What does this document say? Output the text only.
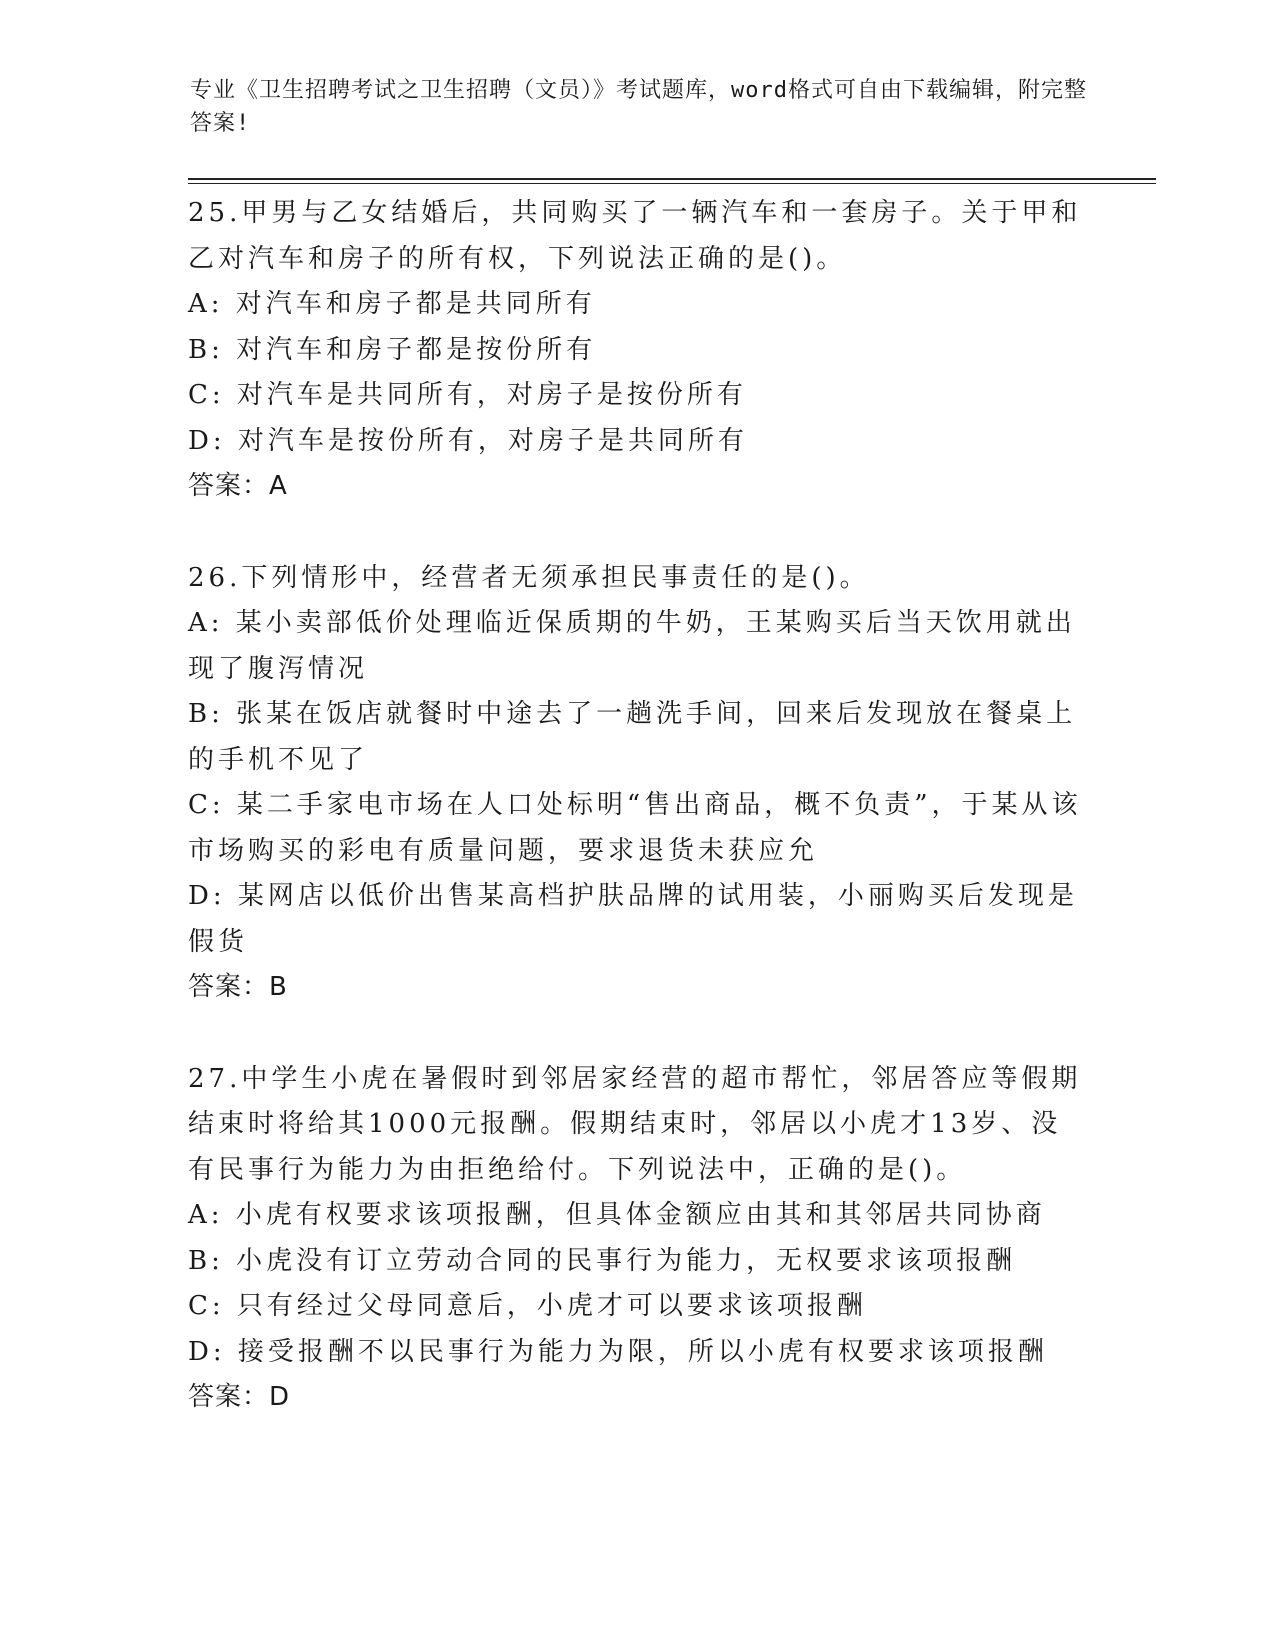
专业《卫生招聘考试之卫生招聘（文员）》考试题库，word格式可自由下载编辑，附完整答案!

25.甲男与乙女结婚后，共同购买了一辆汽车和一套房子。关于甲和乙对汽车和房子的所有权，下列说法正确的是()。

A: 对汽车和房子都是共同所有

B: 对汽车和房子都是按份所有

C: 对汽车是共同所有，对房子是按份所有

D: 对汽车是按份所有，对房子是共同所有

答案：A

26.下列情形中，经营者无须承担民事责任的是()。

A: 某小卖部低价处理临近保质期的牛奶，王某购买后当天饮用就出现了腹泻情况

B: 张某在饭店就餐时中途去了一趟洗手间，回来后发现放在餐桌上的手机不见了

C: 某二手家电市场在人口处标明“售出商品，概不负责”，于某从该市场购买的彩电有质量问题，要求退货未获应允

D: 某网店以低价出售某高档护肤品牌的试用装，小丽购买后发现是假货

答案：B

27.中学生小虎在暑假时到邻居家经营的超市帮忙，邻居答应等假期结束时将给其1000元报酬。假期结束时，邻居以小虎才13岁、没有民事行为能力为由拒绝给付。下列说法中，正确的是()。

A: 小虎有权要求该项报酬，但具体金额应由其和其邻居共同协商

B: 小虎没有订立劳动合同的民事行为能力，无权要求该项报酬

C: 只有经过父母同意后，小虎才可以要求该项报酬

D: 接受报酬不以民事行为能力为限，所以小虎有权要求该项报酬

答案：D
